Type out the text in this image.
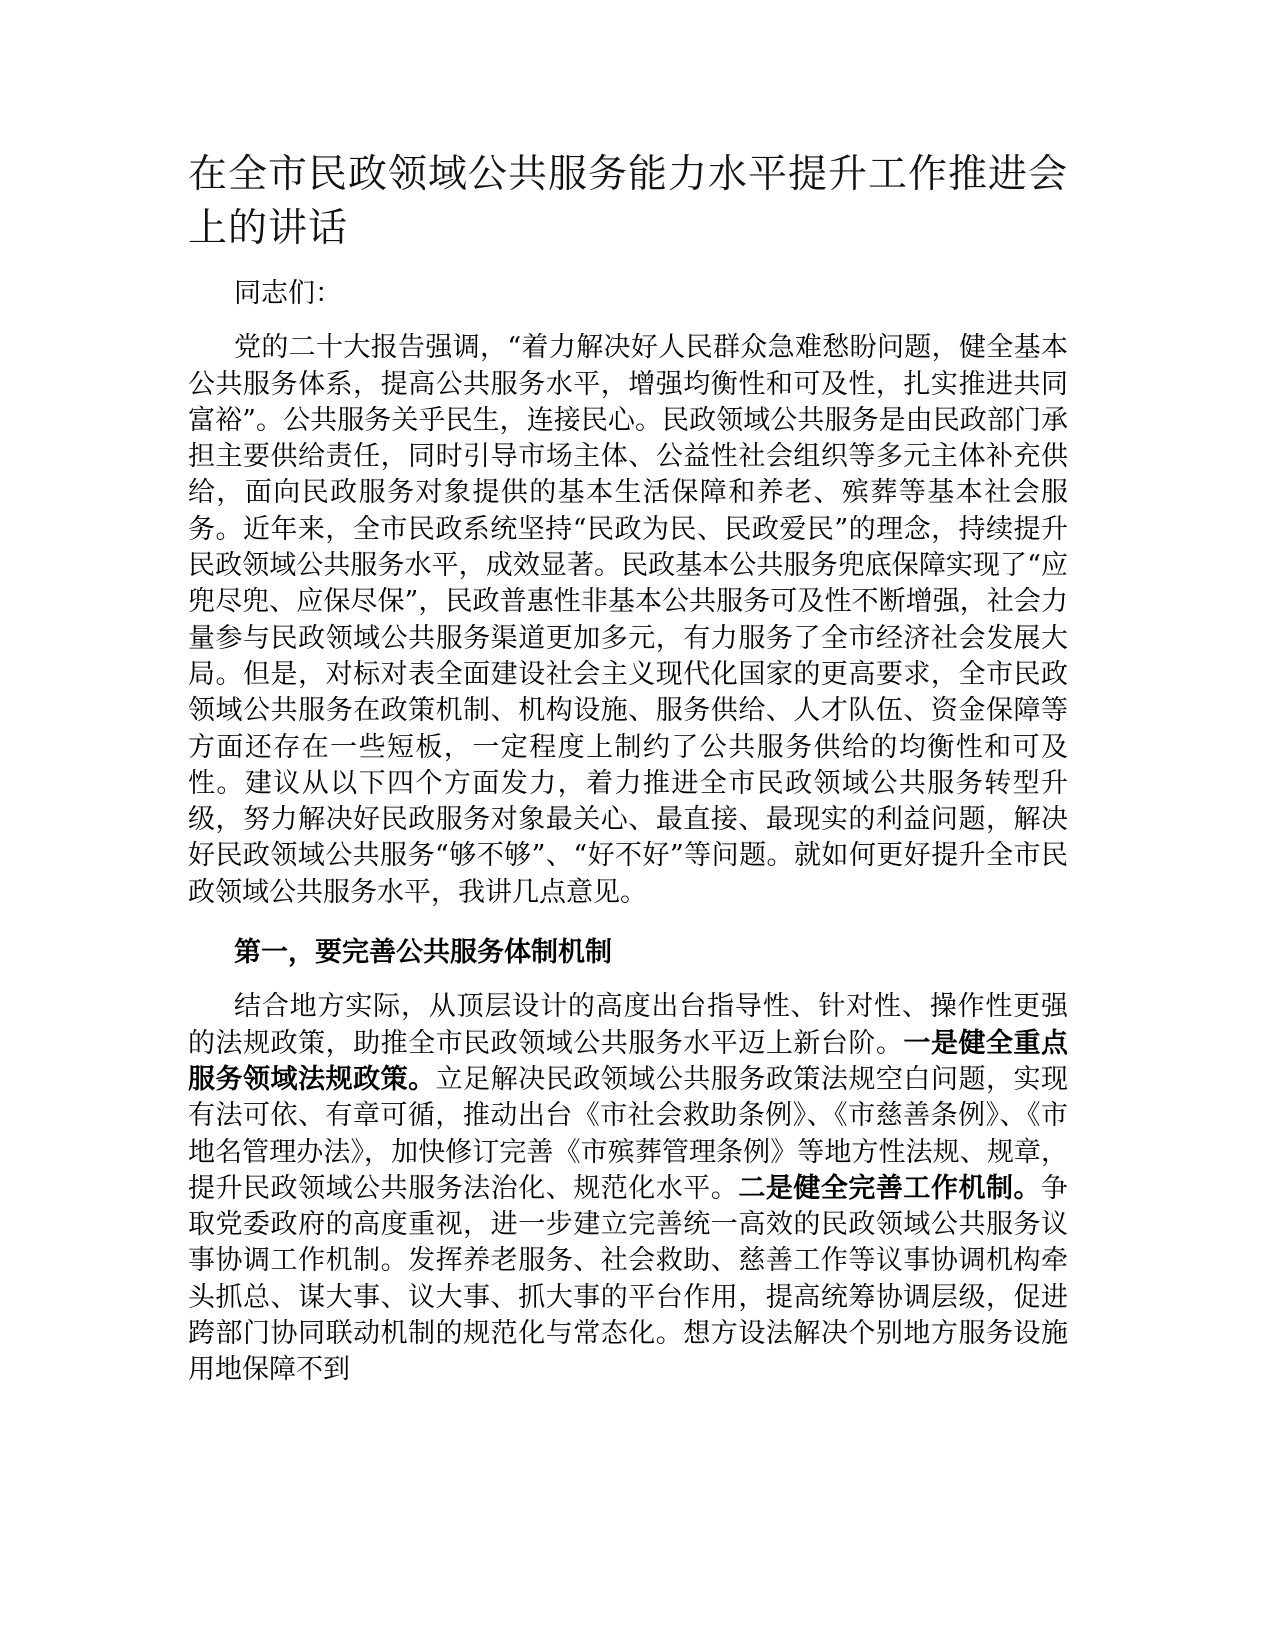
在全市民政领域公共服务能力水平提升工作推进会上的讲话

同志们：

党的二十大报告强调，“着力解决好人民群众急难愁盼问题，健全基本公共服务体系，提高公共服务水平，增强均衡性和可及性，扎实推进共同富裕”。公共服务关乎民生，连接民心。民政领域公共服务是由民政部门承担主要供给责任，同时引导市场主体、公益性社会组织等多元主体补充供给，面向民政服务对象提供的基本生活保障和养老、殡葬等基本社会服务。近年来，全市民政系统坚持“民政为民、民政爱民”的理念，持续提升民政领域公共服务水平，成效显著。民政基本公共服务兜底保障实现了“应兜尽兜、应保尽保”，民政普惠性非基本公共服务可及性不断增强，社会力量参与民政领域公共服务渠道更加多元，有力服务了全市经济社会发展大局。但是，对标对表全面建设社会主义现代化国家的更高要求，全市民政领域公共服务在政策机制、机构设施、服务供给、人才队伍、资金保障等方面还存在一些短板，一定程度上制约了公共服务供给的均衡性和可及性。建议从以下四个方面发力，着力推进全市民政领域公共服务转型升级，努力解决好民政服务对象最关心、最直接、最现实的利益问题，解决好民政领域公共服务“够不够”、“好不好”等问题。就如何更好提升全市民政领域公共服务水平，我讲几点意见。

第一，要完善公共服务体制机制

结合地方实际，从顶层设计的高度出台指导性、针对性、操作性更强的法规政策，助推全市民政领域公共服务水平迈上新台阶。一是健全重点服务领域法规政策。立足解决民政领域公共服务政策法规空白问题，实现有法可依、有章可循，推动出台《市社会救助条例》、《市慈善条例》、《市地名管理办法》，加快修订完善《市殡葬管理条例》等地方性法规、规章，提升民政领域公共服务法治化、规范化水平。二是健全完善工作机制。争取党委政府的高度重视，进一步建立完善统一高效的民政领域公共服务议事协调工作机制。发挥养老服务、社会救助、慈善工作等议事协调机构牵头抓总、谋大事、议大事、抓大事的平台作用，提高统筹协调层级，促进跨部门协同联动机制的规范化与常态化。想方设法解决个别地方服务设施用地保障不到
